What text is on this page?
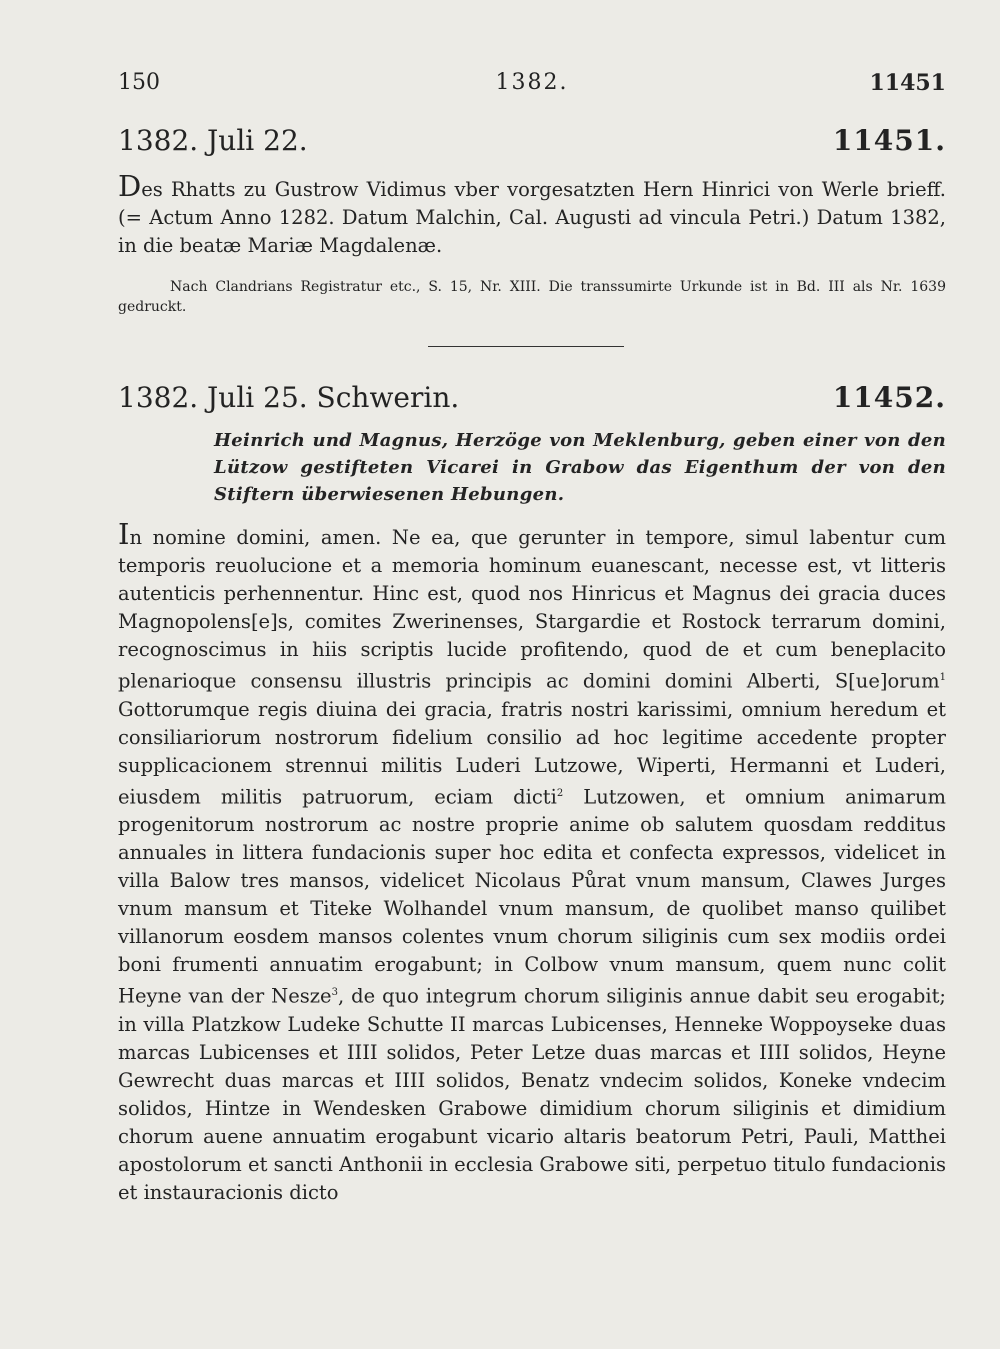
150	1382.	11451
1382. Juli 22.	11451.

Des Rhatts zu Gustrow Vidimus vber vorgesatzten Hern Hinrici von Werle brieff. (= Actum Anno 1282. Datum Malchin, Cal. Augusti ad vincula Petri.) Datum 1382, in die beatæ Mariæ Magdalenæ.

Nach Clandrians Registratur etc., S. 15, Nr. XIII. Die transsumirte Urkunde ist in Bd. III als Nr. 1639 gedruckt.
1382. Juli 25. Schwerin.	11452.
Heinrich und Magnus, Herzöge von Meklenburg, geben einer von den Lützow gestifteten Vicarei in Grabow das Eigenthum der von den Stiftern überwiesenen Hebungen.

In nomine domini, amen. Ne ea, que gerunter in tempore, simul labentur cum temporis reuolucione et a memoria hominum euanescant, necesse est, vt litteris autenticis perhennentur. Hinc est, quod nos Hinricus et Magnus dei gracia duces Magnopolens[e]s, comites Zwerinenses, Stargardie et Rostock terrarum domini, recognoscimus in hiis scriptis lucide profitendo, quod de et cum beneplacito plenarioque consensu illustris principis ac domini domini Alberti, S[ue]orum$^1$ Gottorumque regis diuina dei gracia, fratris nostri karissimi, omnium heredum et consiliariorum nostrorum fidelium consilio ad hoc legitime accedente propter supplicacionem strennui militis Luderi Lutzowe, Wiperti, Hermanni et Luderi, eiusdem militis patruorum, eciam dicti$^2$ Lutzowen, et omnium animarum progenitorum nostrorum ac nostre proprie anime ob salutem quosdam redditus annuales in littera fundacionis super hoc edita et confecta expressos, videlicet in villa Balow tres mansos, videlicet Nicolaus Půrat vnum mansum, Clawes Jurges vnum mansum et Titeke Wolhandel vnum mansum, de quolibet manso quilibet villanorum eosdem mansos colentes vnum chorum siliginis cum sex modiis ordei boni frumenti annuatim erogabunt; in Colbow vnum mansum, quem nunc colit Heyne van der Nesze$^3$, de quo integrum chorum siliginis annue dabit seu erogabit; in villa Platzkow Ludeke Schutte II marcas Lubicenses, Henneke Woppoyseke duas marcas Lubicenses et IIII solidos, Peter Letze duas marcas et IIII solidos, Heyne Gewrecht duas marcas et IIII solidos, Benatz vndecim solidos, Koneke vndecim solidos, Hintze in Wendesken Grabowe dimidium chorum siliginis et dimidium chorum auene annuatim erogabunt vicario altaris beatorum Petri, Pauli, Matthei apostolorum et sancti Anthonii in ecclesia Grabowe siti, perpetuo titulo fundacionis et instauracionis dicto
